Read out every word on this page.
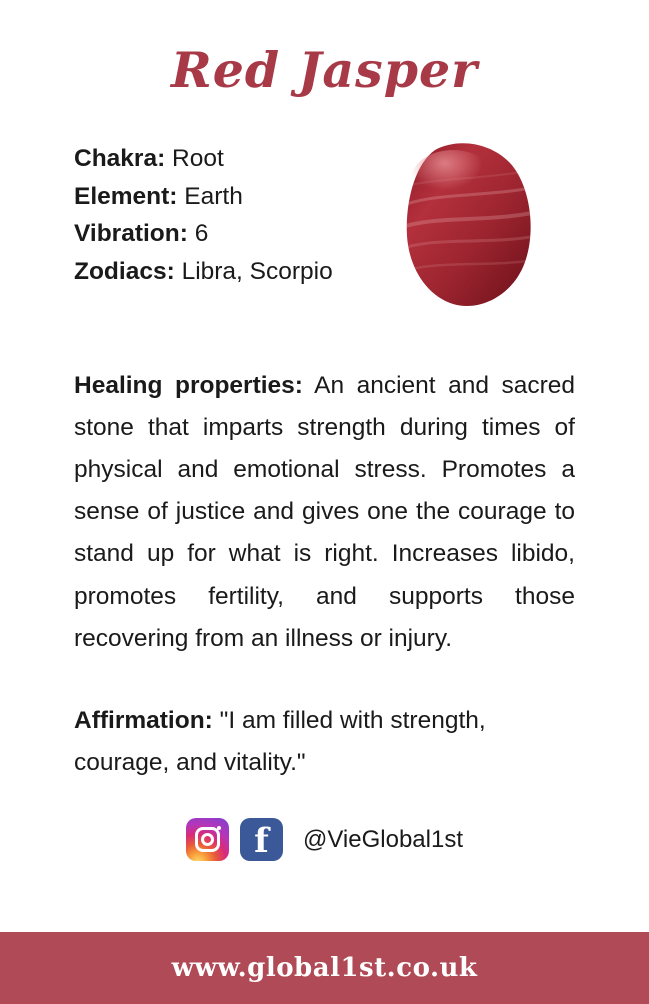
Red Jasper
Chakra: Root
Element: Earth
Vibration: 6
Zodiacs: Libra, Scorpio

Healing properties: An ancient and sacred stone that imparts strength during times of physical and emotional stress. Promotes a sense of justice and gives one the courage to stand up for what is right. Increases libido, promotes fertility, and supports those recovering from an illness or injury.

Affirmation: "I am filled with strength, courage, and vitality."

f	@VieGlobal1st
www.global1st.co.uk
